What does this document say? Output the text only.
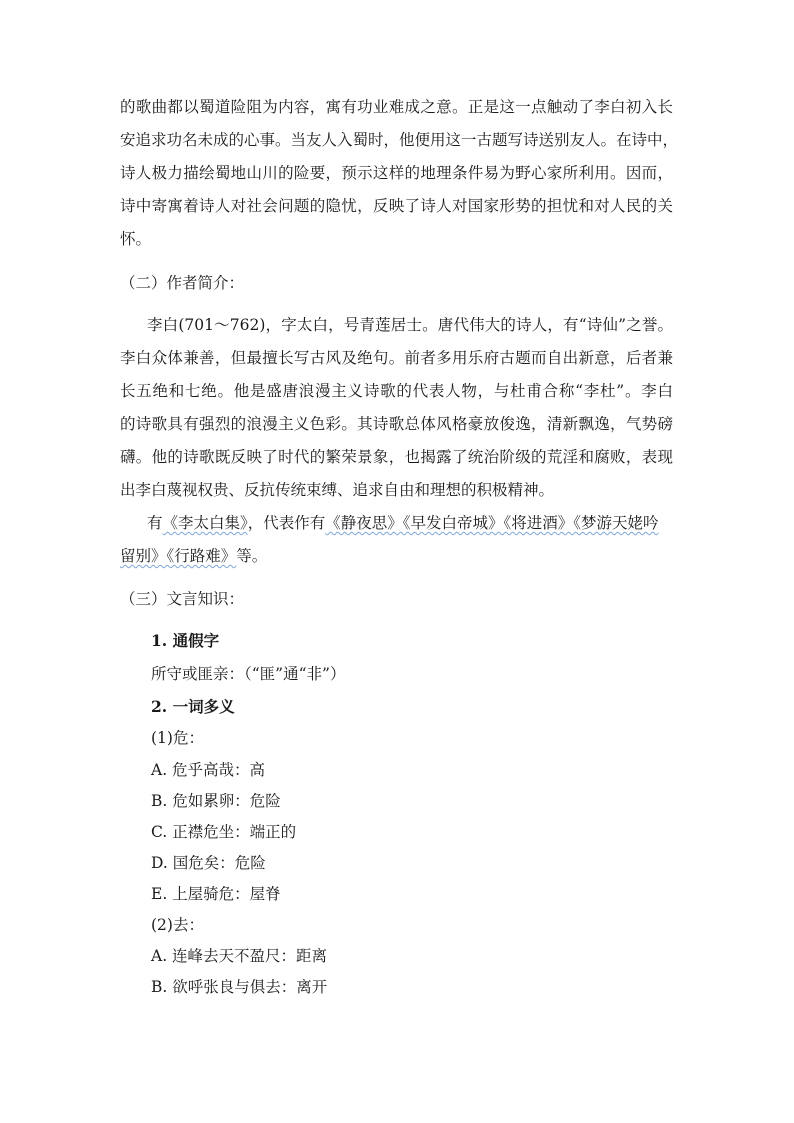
的歌曲都以蜀道险阻为内容，寓有功业难成之意。正是这一点触动了李白初入长
安追求功名未成的心事。当友人入蜀时，他便用这一古题写诗送别友人。在诗中，
诗人极力描绘蜀地山川的险要，预示这样的地理条件易为野心家所利用。因而，
诗中寄寓着诗人对社会问题的隐忧，反映了诗人对国家形势的担忧和对人民的关
怀。
（二）作者简介：
李白(701～762)，字太白，号青莲居士。唐代伟大的诗人，有“诗仙”之誉。
李白众体兼善，但最擅长写古风及绝句。前者多用乐府古题而自出新意，后者兼
长五绝和七绝。他是盛唐浪漫主义诗歌的代表人物，与杜甫合称“李杜”。李白
的诗歌具有强烈的浪漫主义色彩。其诗歌总体风格豪放俊逸，清新飘逸，气势磅
礴。他的诗歌既反映了时代的繁荣景象，也揭露了统治阶级的荒淫和腐败，表现
出李白蔑视权贵、反抗传统束缚、追求自由和理想的积极精神。
有《李太白集》，代表作有《静夜思》《早发白帝城》《将进酒》《梦游天姥吟
留别》《行路难》等。
（三）文言知识：
1. 通假字
所守或匪亲：（“匪”通“非”）
2. 一词多义
(1)危：
A. 危乎高哉：高
B. 危如累卵：危险
C. 正襟危坐：端正的
D. 国危矣：危险
E. 上屋骑危：屋脊
(2)去：
A. 连峰去天不盈尺：距离
B. 欲呼张良与俱去：离开
